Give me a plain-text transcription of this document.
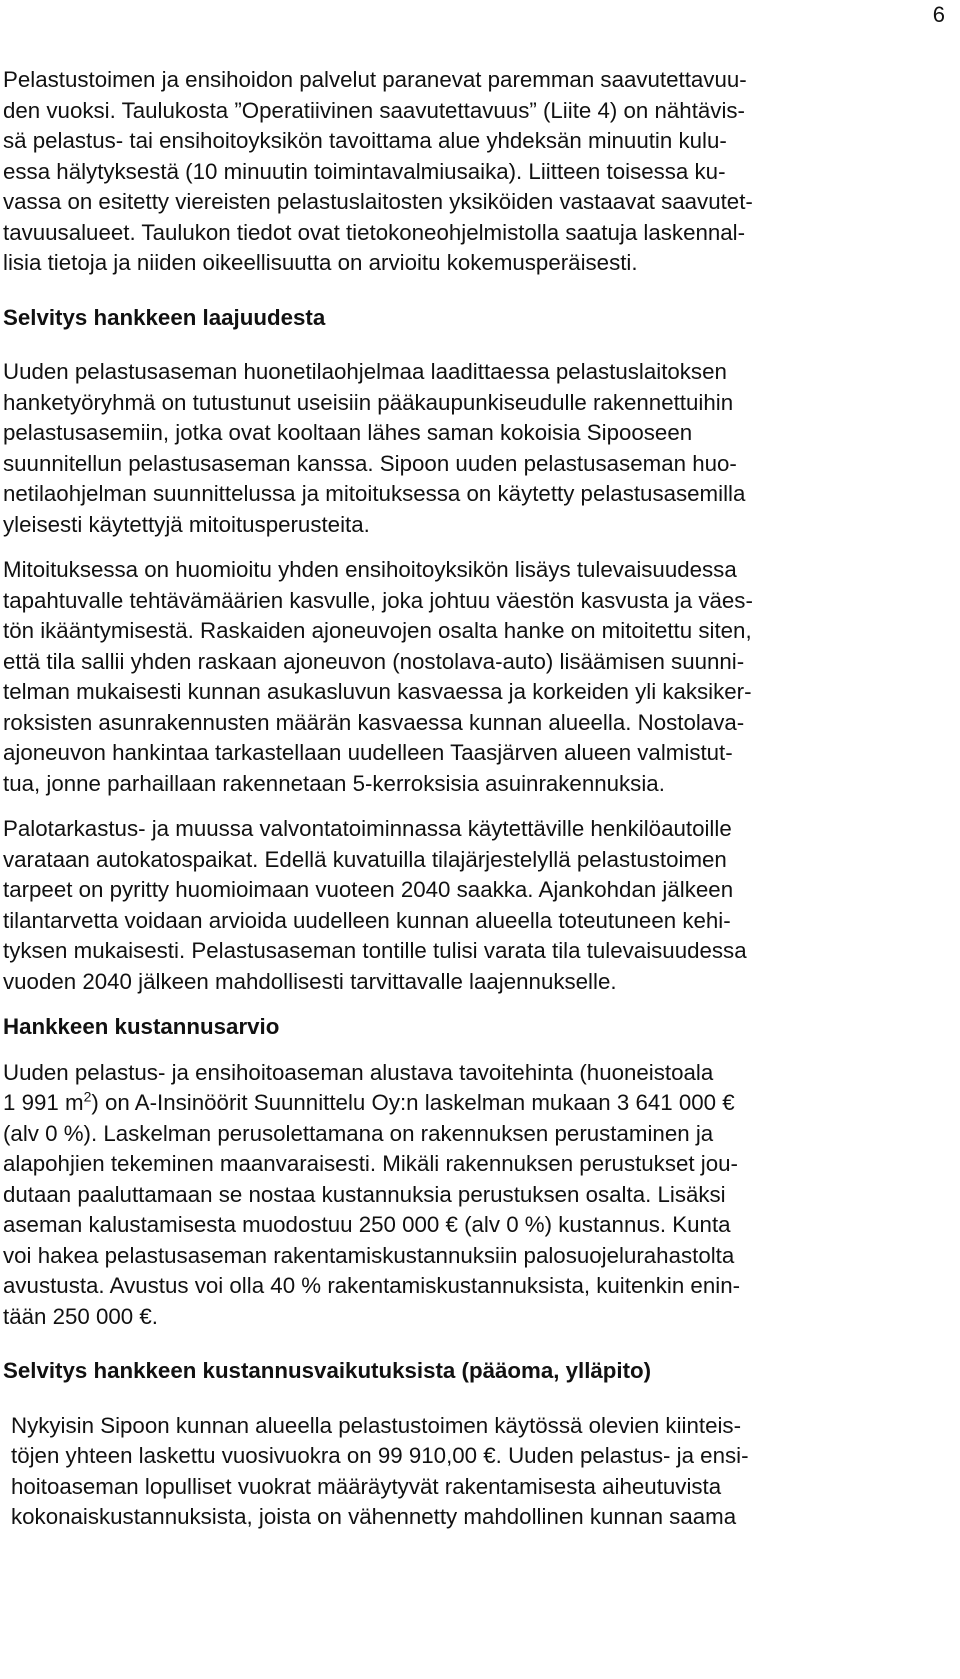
6
Pelastustoimen ja ensihoidon palvelut paranevat paremman saavutettavuu-
den vuoksi. Taulukosta ”Operatiivinen saavutettavuus” (Liite 4) on nähtävis-
sä pelastus- tai ensihoitoyksikön tavoittama alue yhdeksän minuutin kulu-
essa hälytyksestä (10 minuutin toimintavalmiusaika). Liitteen toisessa ku-
vassa on esitetty viereisten pelastuslaitosten yksiköiden vastaavat saavutet-
tavuusalueet. Taulukon tiedot ovat tietokoneohjelmistolla saatuja laskennal-
lisia tietoja ja niiden oikeellisuutta on arvioitu kokemusperäisesti.
Selvitys hankkeen laajuudesta
Uuden pelastusaseman huonetilaohjelmaa laadittaessa pelastuslaitoksen
hanketyöryhmä on tutustunut useisiin pääkaupunkiseudulle rakennettuihin
pelastusasemiin, jotka ovat kooltaan lähes saman kokoisia Sipooseen
suunnitellun pelastusaseman kanssa. Sipoon uuden pelastusaseman huo-
netilaohjelman suunnittelussa ja mitoituksessa on käytetty pelastusasemilla
yleisesti käytettyjä mitoitusperusteita.
Mitoituksessa on huomioitu yhden ensihoitoyksikön lisäys tulevaisuudessa
tapahtuvalle tehtävämäärien kasvulle, joka johtuu väestön kasvusta ja väes-
tön ikääntymisestä. Raskaiden ajoneuvojen osalta hanke on mitoitettu siten,
että tila sallii yhden raskaan ajoneuvon (nostolava-auto) lisäämisen suunni-
telman mukaisesti kunnan asukasluvun kasvaessa ja korkeiden yli kaksiker-
roksisten asunrakennusten määrän kasvaessa kunnan alueella. Nostolava-
ajoneuvon hankintaa tarkastellaan uudelleen Taasjärven alueen valmistut-
tua, jonne parhaillaan rakennetaan 5-kerroksisia asuinrakennuksia.
Palotarkastus- ja muussa valvontatoiminnassa käytettäville henkilöautoille
varataan autokatospaikat. Edellä kuvatuilla tilajärjestelyllä pelastustoimen
tarpeet on pyritty huomioimaan vuoteen 2040 saakka. Ajankohdan jälkeen
tilantarvetta voidaan arvioida uudelleen kunnan alueella toteutuneen kehi-
tyksen mukaisesti. Pelastusaseman tontille tulisi varata tila tulevaisuudessa
vuoden 2040 jälkeen mahdollisesti tarvittavalle laajennukselle.
Hankkeen kustannusarvio
Uuden pelastus- ja ensihoitoaseman alustava tavoitehinta (huoneistoala
1 991 $m^2$) on A-Insinöörit Suunnittelu Oy:n laskelman mukaan 3 641 000 €
(alv 0 %). Laskelman perusolettamana on rakennuksen perustaminen ja
alapohjien tekeminen maanvaraisesti. Mikäli rakennuksen perustukset jou-
dutaan paaluttamaan se nostaa kustannuksia perustuksen osalta. Lisäksi
aseman kalustamisesta muodostuu 250 000 € (alv 0 %) kustannus. Kunta
voi hakea pelastusaseman rakentamiskustannuksiin palosuojelurahastolta
avustusta. Avustus voi olla 40 % rakentamiskustannuksista, kuitenkin enin-
tään 250 000 €.
Selvitys hankkeen kustannusvaikutuksista (pääoma, ylläpito)
Nykyisin Sipoon kunnan alueella pelastustoimen käytössä olevien kiinteis-
töjen yhteen laskettu vuosivuokra on 99 910,00 €. Uuden pelastus- ja ensi-
hoitoaseman lopulliset vuokrat määräytyvät rakentamisesta aiheutuvista
kokonaiskustannuksista, joista on vähennetty mahdollinen kunnan saama
